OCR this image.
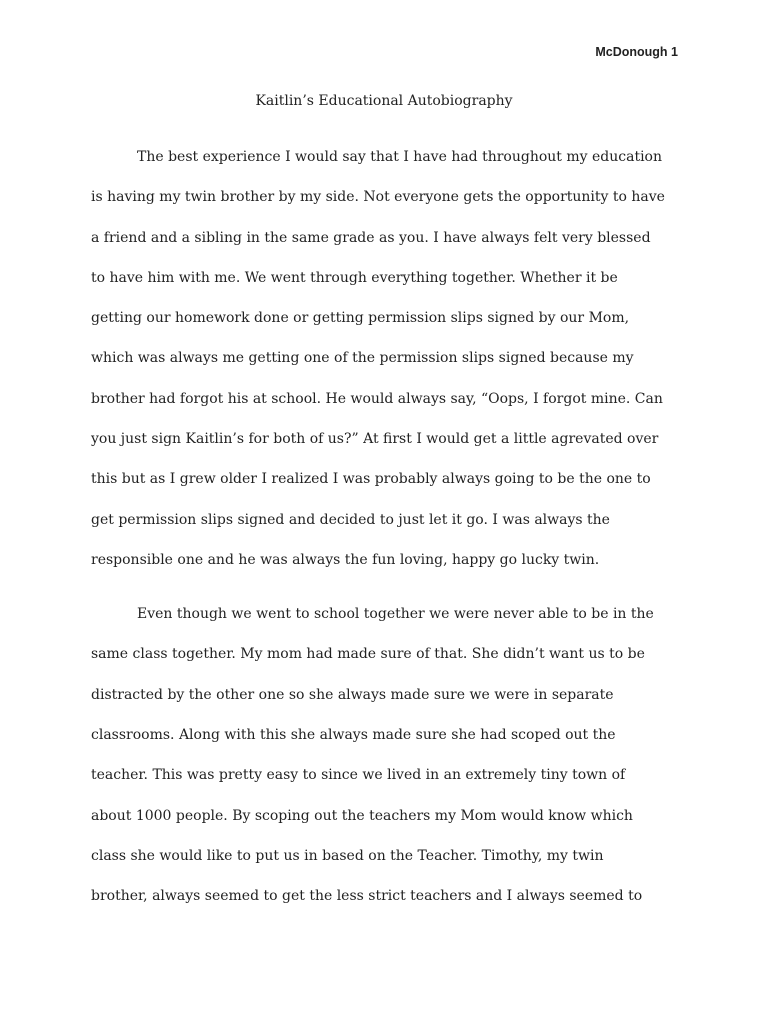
McDonough 1
Kaitlin’s Educational Autobiography
The best experience I would say that I have had throughout my education
is having my twin brother by my side. Not everyone gets the opportunity to have
a friend and a sibling in the same grade as you. I have always felt very blessed
to have him with me. We went through everything together. Whether it be
getting our homework done or getting permission slips signed by our Mom,
which was always me getting one of the permission slips signed because my
brother had forgot his at school. He would always say, “Oops, I forgot mine. Can
you just sign Kaitlin’s for both of us?” At first I would get a little agrevated over
this but as I grew older I realized I was probably always going to be the one to
get permission slips signed and decided to just let it go. I was always the
responsible one and he was always the fun loving, happy go lucky twin.
Even though we went to school together we were never able to be in the
same class together. My mom had made sure of that. She didn’t want us to be
distracted by the other one so she always made sure we were in separate
classrooms. Along with this she always made sure she had scoped out the
teacher. This was pretty easy to since we lived in an extremely tiny town of
about 1000 people. By scoping out the teachers my Mom would know which
class she would like to put us in based on the Teacher. Timothy, my twin
brother, always seemed to get the less strict teachers and I always seemed to
